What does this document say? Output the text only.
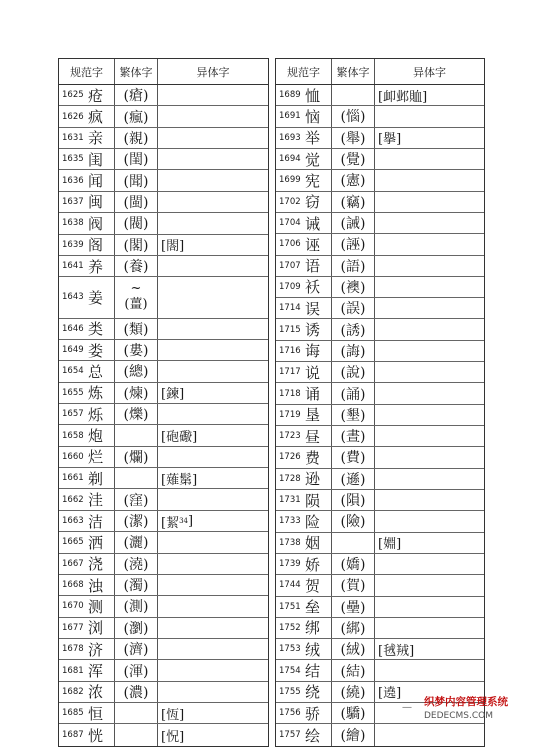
规范字	繁体字	异体字
1625 疮 (瘡)
1626 疯 (瘋)
1631 亲 (親)
1635 闺 (閨)
1636 闻 (聞)
1637 闽 (閩)
1638 阀 (閥)
1639 阁 (閣) [閤]
1641 养 (養)
1643 姜 ~
(薑)
1646 类 (類)
1649 娄 (婁)
1654 总 (總)
1655 炼 (煉) [鍊]
1657 烁 (爍)
1658 炮	[砲礮]
1660 烂 (爛)
1661 剃	[薙鬀]
1662 洼 (窪)
1663 洁 (潔) [絜 34 ]
1665 洒 (灑)
1667 浇 (澆)
1668 浊 (濁)
1670 测 (測)
1677 浏 (瀏)
1678 济 (濟)
1681 浑 (渾)
1682 浓 (濃)
1685 恒	[恆]
1687 恍	[怳]
规范字	繁体字	异体字
1689 恤	[卹邺賉]
1691 恼 (惱)
1693 举 (舉) [擧]
1694 觉 (覺)
1699 宪 (憲)
1702 窃 (竊)
1704 诫 (誡)
1706 诬 (誣)
1707 语 (語)
1709 袄 (襖)
1714 误 (誤)
1715 诱 (誘)
1716 诲 (誨)
1717 说 (說)
1718 诵 (誦)
1719 垦 (墾)
1723 昼 (晝)
1726 费 (費)
1728 逊 (遜)
1731 陨 (隕)
1733 险 (險)
1738 姻	[婣]
1739 娇 (嬌)
1744 贺 (賀)
1751 垒 (壘)
1752 绑 (綁)
1753 绒 (絨) [毧羢]
1754 结 (結)
1755 绕 (繞) [遶]
1756 骄 (驕)
1757 绘 (繪)
— 织梦内容管理系统
DEDECMS.COM
